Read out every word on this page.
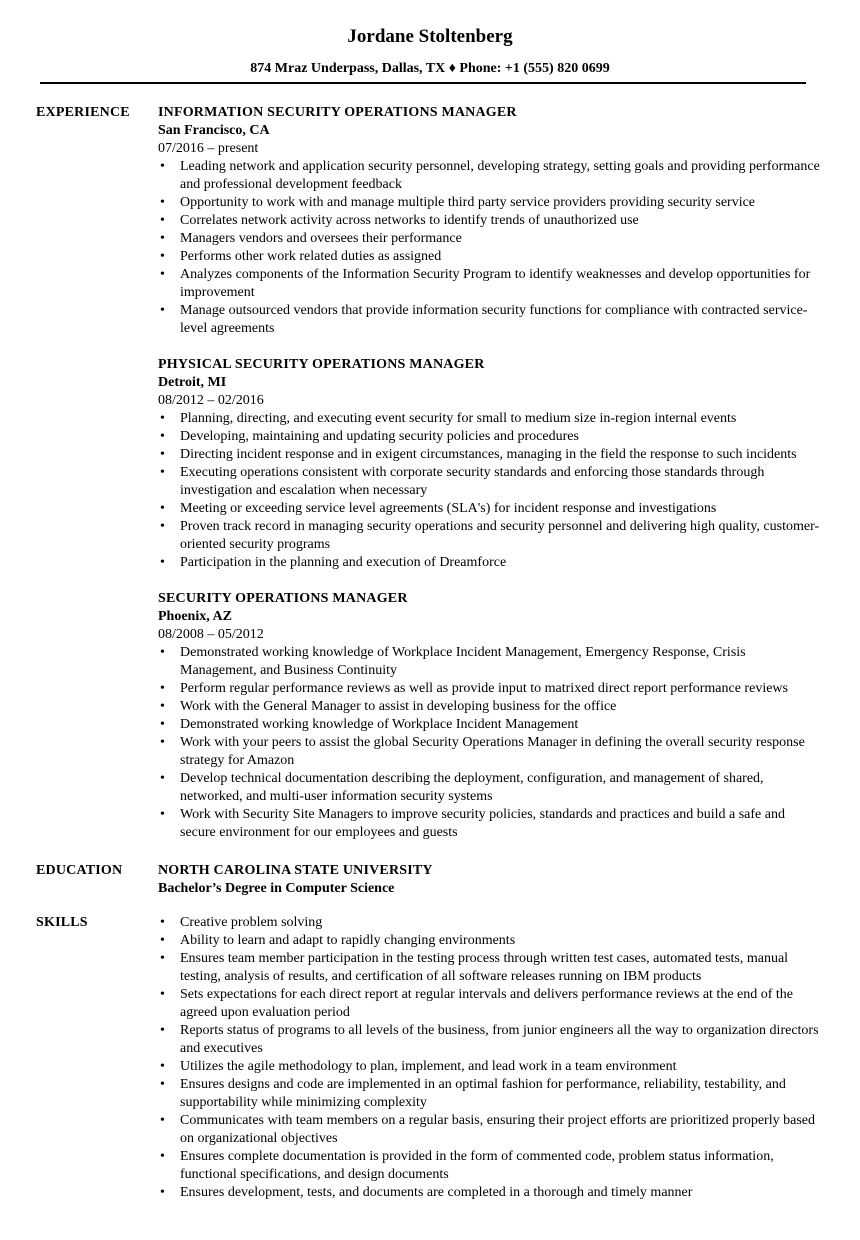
Jordane Stoltenberg
874 Mraz Underpass, Dallas, TX ♦ Phone: +1 (555) 820 0699
EXPERIENCE INFORMATION SECURITY OPERATIONS MANAGER
San Francisco, CA
07/2016 – present
• Leading network and application security personnel, developing strategy, setting goals and providing performance and professional development feedback
• Opportunity to work with and manage multiple third party service providers providing security service
• Correlates network activity across networks to identify trends of unauthorized use
• Managers vendors and oversees their performance
• Performs other work related duties as assigned
• Analyzes components of the Information Security Program to identify weaknesses and develop opportunities for improvement
• Manage outsourced vendors that provide information security functions for compliance with contracted service-level agreements
PHYSICAL SECURITY OPERATIONS MANAGER
Detroit, MI
08/2012 – 02/2016
• Planning, directing, and executing event security for small to medium size in-region internal events
• Developing, maintaining and updating security policies and procedures
• Directing incident response and in exigent circumstances, managing in the field the response to such incidents
• Executing operations consistent with corporate security standards and enforcing those standards through investigation and escalation when necessary
• Meeting or exceeding service level agreements (SLA's) for incident response and investigations
• Proven track record in managing security operations and security personnel and delivering high quality, customer-oriented security programs
• Participation in the planning and execution of Dreamforce
SECURITY OPERATIONS MANAGER
Phoenix, AZ
08/2008 – 05/2012
• Demonstrated working knowledge of Workplace Incident Management, Emergency Response, Crisis Management, and Business Continuity
• Perform regular performance reviews as well as provide input to matrixed direct report performance reviews
• Work with the General Manager to assist in developing business for the office
• Demonstrated working knowledge of Workplace Incident Management
• Work with your peers to assist the global Security Operations Manager in defining the overall security response strategy for Amazon
• Develop technical documentation describing the deployment, configuration, and management of shared, networked, and multi-user information security systems
• Work with Security Site Managers to improve security policies, standards and practices and build a safe and secure environment for our employees and guests
EDUCATION	NORTH CAROLINA STATE UNIVERSITY
Bachelor’s Degree in Computer Science
SKILLS
•	Creative problem solving
• Ability to learn and adapt to rapidly changing environments
• Ensures team member participation in the testing process through written test cases, automated tests, manual testing, analysis of results, and certification of all software releases running on IBM products
• Sets expectations for each direct report at regular intervals and delivers performance reviews at the end of the agreed upon evaluation period
• Reports status of programs to all levels of the business, from junior engineers all the way to organization directors and executives
• Utilizes the agile methodology to plan, implement, and lead work in a team environment
• Ensures designs and code are implemented in an optimal fashion for performance, reliability, testability, and supportability while minimizing complexity
• Communicates with team members on a regular basis, ensuring their project efforts are prioritized properly based on organizational objectives
• Ensures complete documentation is provided in the form of commented code, problem status information, functional specifications, and design documents
• Ensures development, tests, and documents are completed in a thorough and timely manner
